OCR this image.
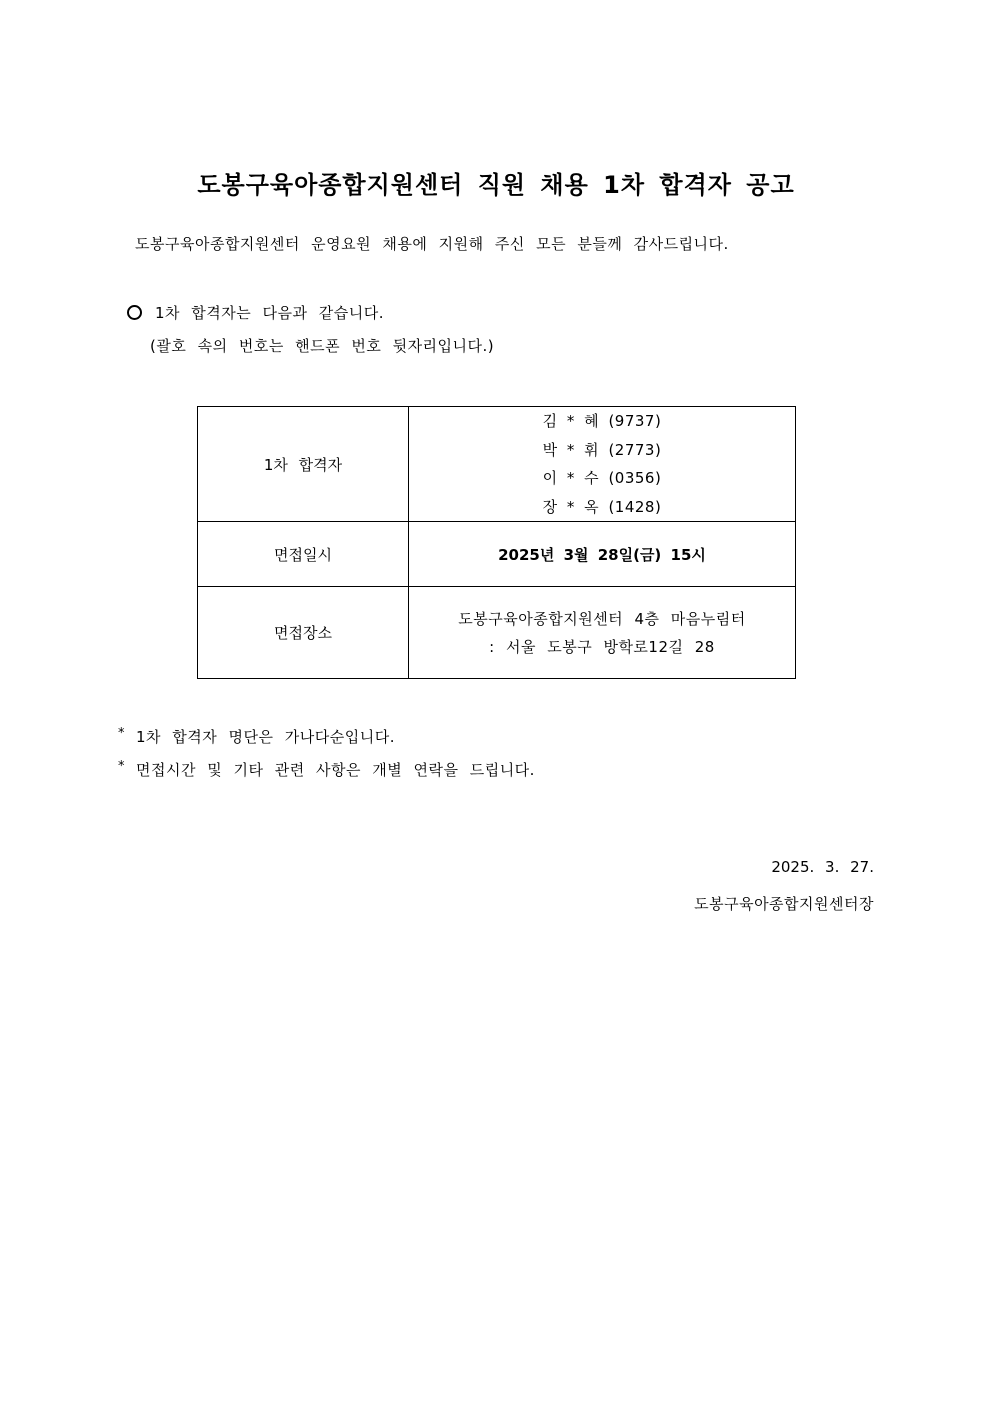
도봉구육아종합지원센터 직원 채용 1차 합격자 공고
도봉구육아종합지원센터 운영요원 채용에 지원해 주신 모든 분들께 감사드립니다.
1차 합격자는 다음과 같습니다.
(괄호 속의 번호는 핸드폰 번호 뒷자리입니다.)
1차 합격자	김 * 혜 (9737)
박 * 휘 (2773)
이 * 수 (0356)
장 * 옥 (1428)

면접일시	2025년 3월 28일(금) 15시
면접장소	도봉구육아종합지원센터 4층 마음누림터
: 서울 도봉구 방학로12길 28
* 1차 합격자 명단은 가나다순입니다.
* 면접시간 및 기타 관련 사항은 개별 연락을 드립니다.
2025. 3. 27.
도봉구육아종합지원센터장
